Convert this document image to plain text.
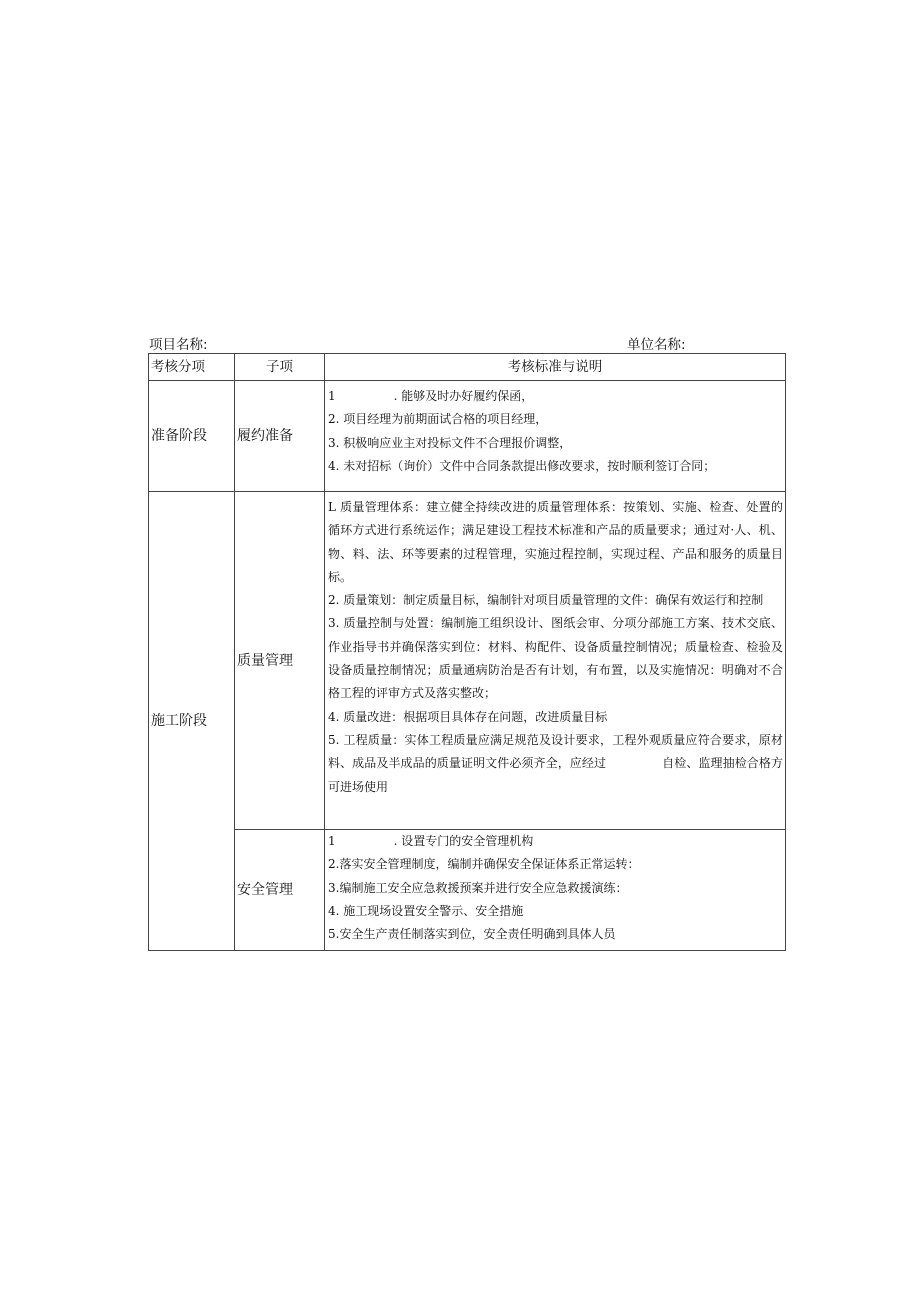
项目名称:	单位名称:
考核分项	子项	考核标准与说明
准备阶段	履约准备	1 . 能够及时办好履约保函，
2. 项目经理为前期面试合格的项目经理，
3. 积极响应业主对投标文件不合理报价调整，
4. 未对招标（询价）文件中合同条款提出修改要求，按时顺利签订合同；

施工阶段	质量管理	L 质量管理体系：建立健全持续改进的质量管理体系：按策划、实施、检查、处置的循环方式进行系统运作；满足建设工程技术标准和产品的质量要求；通过对·人、机、物、料、法、环等要素的过程管理，实施过程控制，实现过程、产品和服务的质量目标。
2. 质量策划：制定质量目标，编制针对项目质量管理的文件：确保有效运行和控制
3. 质量控制与处置：编制施工组织设计、图纸会审、分项分部施工方案、技术交底、作业指导书并确保落实到位：材料、构配件、设备质量控制情况；质量检查、检验及设备质量控制情况；质量通病防治是否有计划，有布置，以及实施情况：明确对不合格工程的评审方式及落实整改；
4. 质量改进：根据项目具体存在问题，改进质量目标
5. 工程质量：实体工程质量应满足规范及设计要求，工程外观质量应符合要求，原材料、成品及半成品的质量证明文件必须齐全，应经过 自检、监理抽检合格方可进场使用

	安全管理	1 . 设置专门的安全管理机构
2.落实安全管理制度，编制并确保安全保证体系正常运转：
3.编制施工安全应急救援预案并进行安全应急救援演练：
4. 施工现场设置安全警示、安全措施
5.安全生产责任制落实到位，安全责任明确到具体人员
